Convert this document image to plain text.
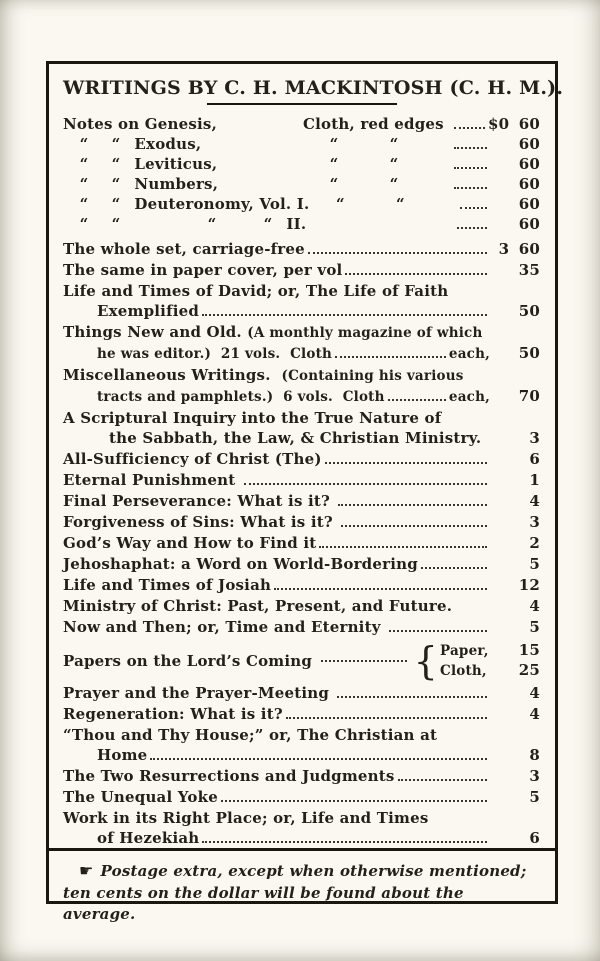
WRITINGS BY C. H. MACKINTOSH (C. H. M.).
Notes on Genesis,	Cloth, red edges	$0 60
“	“ Exodus,	“	“	60
“	“ Leviticus,	“	“	60
“	“ Numbers,	“	“	60
“	“ Deuteronomy, Vol. I.	“	“	60
“	“	“	“ II.	60
The whole set, carriage-free	3 60
The same in paper cover, per vol	35
Life and Times of David; or, The Life of Faith
Exemplified	50
Things New and Old. (A monthly magazine of which
he was editor.)  21 vols.  Cloth	each,	50
Miscellaneous Writings. (Containing his various
tracts and pamphlets.)  6 vols.  Cloth	each,	70
A Scriptural Inquiry into the True Nature of
the Sabbath, the Law, & Christian Ministry.	3
All-Sufficiency of Christ (The)	6
Eternal Punishment	1
Final Perseverance: What is it?	4
Forgiveness of Sins: What is it?	3
God’s Way and How to Find it	2
Jehoshaphat: a Word on World-Bordering	5
Life and Times of Josiah	12
Ministry of Christ: Past, Present, and Future.	4
Now and Then; or, Time and Eternity	5
Papers on the Lord’s Coming	{ Paper, 15
Cloth, 25
Prayer and the Prayer-Meeting	4
Regeneration: What is it?	4
“Thou and Thy House;” or, The Christian at
Home	8
The Two Resurrections and Judgments	3
The Unequal Yoke	5
Work in its Right Place; or, Life and Times
of Hezekiah	6

☛ Postage extra, except when otherwise mentioned; ten cents on the dollar will be found about the average.
